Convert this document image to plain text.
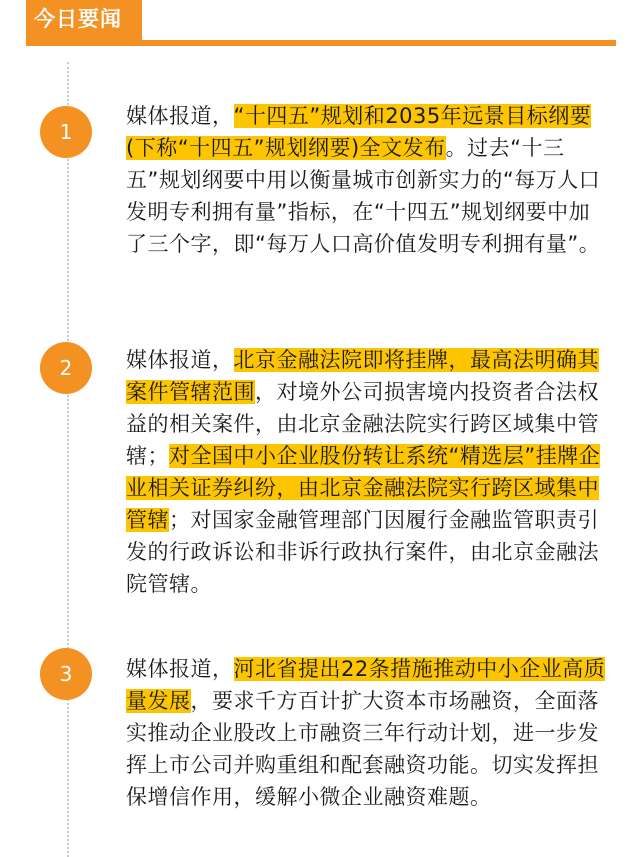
今日要闻
1

媒体报道，“十四五”规划和2035年远景目标纲要(下称“十四五”规划纲要)全文发布。过去“十三五”规划纲要中用以衡量城市创新实力的“每万人口发明专利拥有量”指标，在“十四五”规划纲要中加了三个字，即“每万人口高价值发明专利拥有量”。

2	媒体报道，北京金融法院即将挂牌，最高法明确其案件管辖范围，对境外公司损害境内投资者合法权益的相关案件，由北京金融法院实行跨区域集中管辖；对全国中小企业股份转让系统“精选层”挂牌企业相关证券纠纷，由北京金融法院实行跨区域集中管辖；对国家金融管理部门因履行金融监管职责引发的行政诉讼和非诉行政执行案件，由北京金融法院管辖。

3	媒体报道，河北省提出22条措施推动中小企业高质量发展，要求千方百计扩大资本市场融资，全面落实推动企业股改上市融资三年行动计划，进一步发挥上市公司并购重组和配套融资功能。切实发挥担保增信作用，缓解小微企业融资难题。
